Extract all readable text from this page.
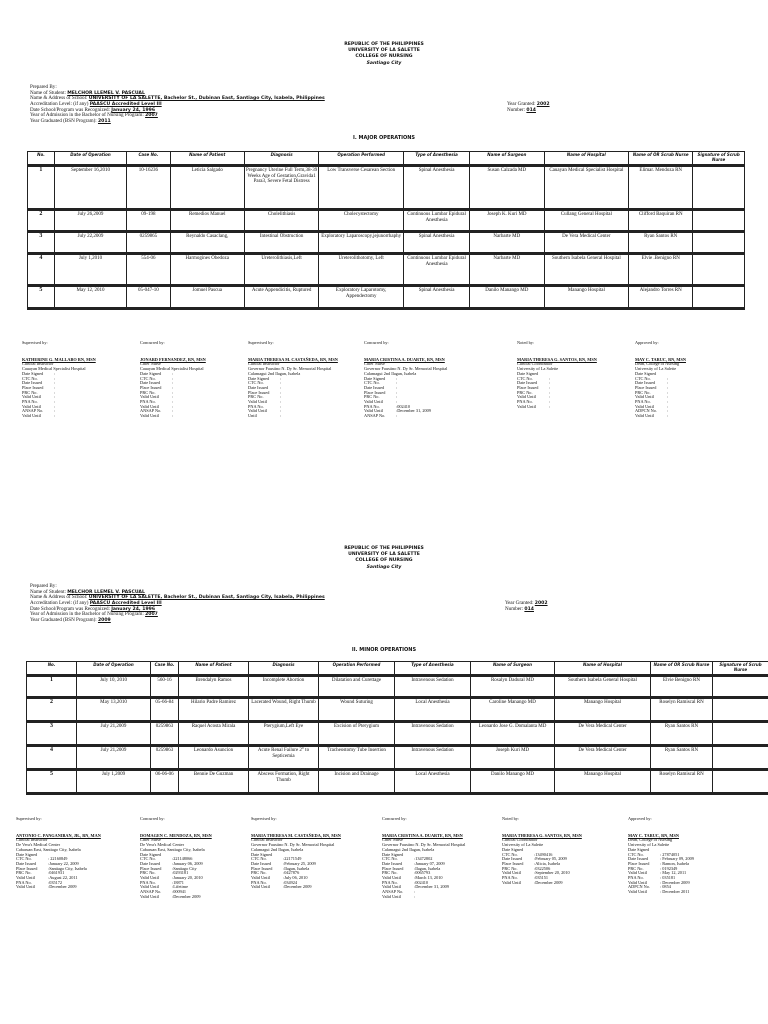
REPUBLIC OF THE PHILIPPINES
UNIVERSITY OF LA SALETTE
COLLEGE OF NURSING
Santiago City
Prepared By:
Name of Student: MELCHOR LLEMEL V. PASCUAL
Name & Address of School: UNIVERSITY OF LA SALETTE, Bachelor St., Dubinan East, Santiago City, Isabela, Philippines
Accreditation Level: (if any) PAASCU Accredited Level III	Year Granted: 2002
Date School/Program was Recognized: January 24, 1996	Number: 014
Year of Admission in the Bachelor of Nursing Program: 2007
Year Graduated (BSN Program): 2011
I. MAJOR OPERATIONS
No.	Date of Operation	Case No.	Name of Patient	Diagnosis	Operation Performed	Type of Anesthesia	Name of Surgeon	Name of Hospital	Name of OR Scrub Nurse	Signature of Scrub Nurse
1	September 16,2010	10-16236	Leticia Salgado	Pregnancy Uterine Full Term,38-39 Weeks Age of Gestation,Gravida1 Para3, Severe Fetal Distress	Low Transverse Cesarean Section	Spinal Anesthesia	Susan Calzada MD	Cauayan Medical Specialist Hospital	Elimar. Mendoza RN	
2	July 26,2009	09-198	Remedios Manuel	Cholelithiasis	Cholecystectomy	Continuous Lumbar Epidural Anesthesia	Joseph K. Kuri MD	Cullang General Hospital	Clifford Baquiran RN	
3	July 22,2009	0259865	Reynaldo Casaclang,	Intestinal Obstruction	Exploratory Laparoscopy,jejunorrhaphy	Spinal Anesthesia	Narbarte MD	De Vera Medical Center	Ryan Santos RN	
4	July 1,2010	554-06	Harmogines Obedoza	Ureterolithiasis,Left	Ureterolithotomy, Left	Continuous Lumbar Epidural Anesthesia	Narbarte MD	Southern Isabela General Hospital	Elvie .Benigno RN	
5	May 12, 2010	05-047-10	Jomuel Pascua	Acute Appendicitis, Ruptured	Exploratory Laparotomy, Appendectomy	Spinal Anesthesia	Danilo Manango MD	Manango Hospital	Alejandro Torres RN	
Supervised by:
KATHERINE G. MALLABO RN, MSN
Clinical Instructor
Cauayan Medical Specialist Hospital
Date Signed	:
CTC No.	:
Date Issued	:
Place Issued	:
PRC No.	:
Valid Until	:
PNA No.	:
Valid Until	:
ANSAP No.	:
Valid Until	:
Concurred by:
JONARD FERNANDEZ, RN, MSN
Chief Nurse
Cauayan Medical Specialist Hospital
Date Signed	:
CTC No.	:
Date Issued	:
Place Issued	:
PRC No.	:
Valid Until	:
PNA No.	:
Valid Until	:
ANSAP No.	:
Valid Until	:
Supervised by:
MARIA THERESA M. CASTAÑEDA, RN, MSN
Clinical Instructor
Governor Faustino N. Dy Sr. Memorial Hospital
Calamagui 2nd Ilagan, Isabela
Date Signed	:
CTC No.	:
Date Issued	:
Place Issued	:
PRC No.	:
Valid Until	:
PNA No.	:
Valid Until	:
Until	:
Concurred by:
MARIA CRISTINA A. DUARTE, RN, MSN
Chief Nurse
Governor Faustino N. Dy Sr. Memorial Hospital
Calamagui 2nd Ilagan, Isabela
Date Signed	:
CTC No.	:
Date Issued	:
Place Issued	:
PRC No.	:
Valid Until	:
PNA No.	:002410
Valid Until	:December 31, 2009
ANSAP No.	:
Noted by:
MARIA THERESA G. SANTOS, RN, MSN
Clinical Coordinator
University of La Salette
Date Signed
CTC No.	:
Date Issued	:
Place Issued	:
PRC No.	:
Valid Until	:
PNA No.	:
Valid Until	:
Approved by:
MAY C. TARUC, RN, MSN
Dean, College of Nursing
University of La Salette
Date Signed
CTC No.	:
Date Issued	:
Place Issued	:
PRC No.	:
Valid Until	:
PNA No.	:
Valid Until	:
ADPCN No.	:
Valid Until	:
REPUBLIC OF THE PHILIPPINES
UNIVERSITY OF LA SALETTE
COLLEGE OF NURSING
Santiago City
Prepared By:
Name of Student: MELCHOR LLEMEL V. PASCUAL
Name & Address of School: UNIVERSITY OF LA SALETTE, Bachelor St., Dubinan East, Santiago City, Isabela, Philippines
Accreditation Level: (if any) PAASCU Accredited Level III	Year Granted: 2002
Date School/Program was Recognized: January 24, 1996	Number: 014
Year of Admission in the Bachelor of Nursing Program: 2007
Year Graduated (BSN Program): 2009
II. MINOR OPERATIONS
No.	Date of Operation	Case No.	Name of Patient	Diagnosis	Operation Performed	Type of Anesthesia	Name of Surgeon	Name of Hospital	Name of OR Scrub Nurse	Signature of Scrub Nurse
1	July 10, 2010	560-16	Brendalyn Ramos	Incomplete Abortion	Dilatation and Curettage	Intravenous Sedation	Rosalyn Dadural MD	Southern Isabela General Hospital	Elvie Benigno RN	
2	May 13,2010	05-66-84	Hilario Padre Ramirez	Lacerated Wound, Right Thumb	Wound Suturing	Local Anesthesia	Caroline Manango MD	Manango Hospital	Roselyn Ramiscal RN	
3	July 21,2009	0259863	Raquel Acosta Mirala	Pterygium,Left Eye	Excision of Pterygium	Intravenous Sedation	Leonardo Jose G. Domalanta MD	De Vera Medical Center	Ryan Santos RN	
4	July 21,2009	0259863	Leonardo Asuncion	Acute Renal Failure 2° to Septicemia	Tracheostomy Tube Insertion	Intravenous Sedation	Joseph Kuri MD	De Vera Medical Center	Ryan Santos RN	
5	July 1,2009	06-06-06	Bennie De Guzman	Abscess Formation, Right Thumb	Incision and Drainage	Local Anesthesia	Danilo Manango MD	Manango Hospital	Roselyn Ramiscal RN	
Supervised by:
ANTONIO C. PANGANIBAN, JR., RN, MAN
Clinical Instructor
De Vera's Medical Center
Cabaruan East, Santiago City, Isabela
Date Signed
CTC No.	: 22160849
Date Issued	:January 22, 2009
Place Issued	:Santiago City, Isabela
PRC No.	:0461931
Valid Until	:August 22, 2011
PNA No.	:035172
Valid Until	:December 2009
Concurred by:
DOMAGEN C. MENDOZA, RN, MSN
Chief Nurse
De Vera's Medical Center
Cabaruan East, Santiago City, Isabela
Date Signed
CTC No.	:221148066
Date Issued	:January 06, 2009
Place Issued	:Santiago City
PRC No.	:0293181
Valid Until	:January 20, 2010
PNA No.	:18871
Valid Until	:Lifetime
ANSAP No.	:000941
Valid Until	:December 2009
Supervised by:
MARIA THERESA M. CASTAÑEDA, RN, MSN
Clinical Instructor
Governor Faustino N. Dy Sr. Memorial Hospital
Calamagui 2nd Ilagan, Isabela
Date Signed
CTC No.	:22171549
Date Issued	:February 25, 2009
Place Issued	:Ilagan, Isabela
PRC No.	:0427876
Valid Until	:July 06, 2010
PNA No.	:034924
Valid Until	:December 2009
Concurred by:
MARIA CRISTINA A. DUARTE, RN, MSN
Chief Nurse
Governor Faustino N. Dy Sr. Memorial Hospital
Calamagui 2nd Ilagan, Isabela
Date Signed
CTC No.	:13472802
Date Issued	:January 07, 2009
Place Issued	:Ilagan, Isabela
PRC No.	:0065793
Valid Until	:March 13, 2010
PNA No.	:002410
Valid Until	:December 31, 2009
ANSAP No.	:
Valid Until	:
Noted by:
MARIA THERESA G. SANTOS, RN, MSN
Clinical Coordinator
University of La Salette
Date Signed
CTC No.	:13490416
Date Issued	:February 05, 2009
Place Issued	:Alicia, Isabela
PRC No.	:0322506
Valid Until	:September 20, 2010
PNA No.	:035151
Valid Until	:December 2009
Approved by:
MAY C. TARUC, RN, MSN
Dean, College of Nursing
University of La Salette
Date Signed
CTC No.	: 27874051
Date Issued	: February 09, 2009
Place Issued	: Ramon, Isabela
PRC No.	: 0192349
Valid Until	: May 12, 2011
PNA No.	: 035181
Valid Until	: December 2009
ADPCN No.	: 0854
Valid Until	: December 2011
